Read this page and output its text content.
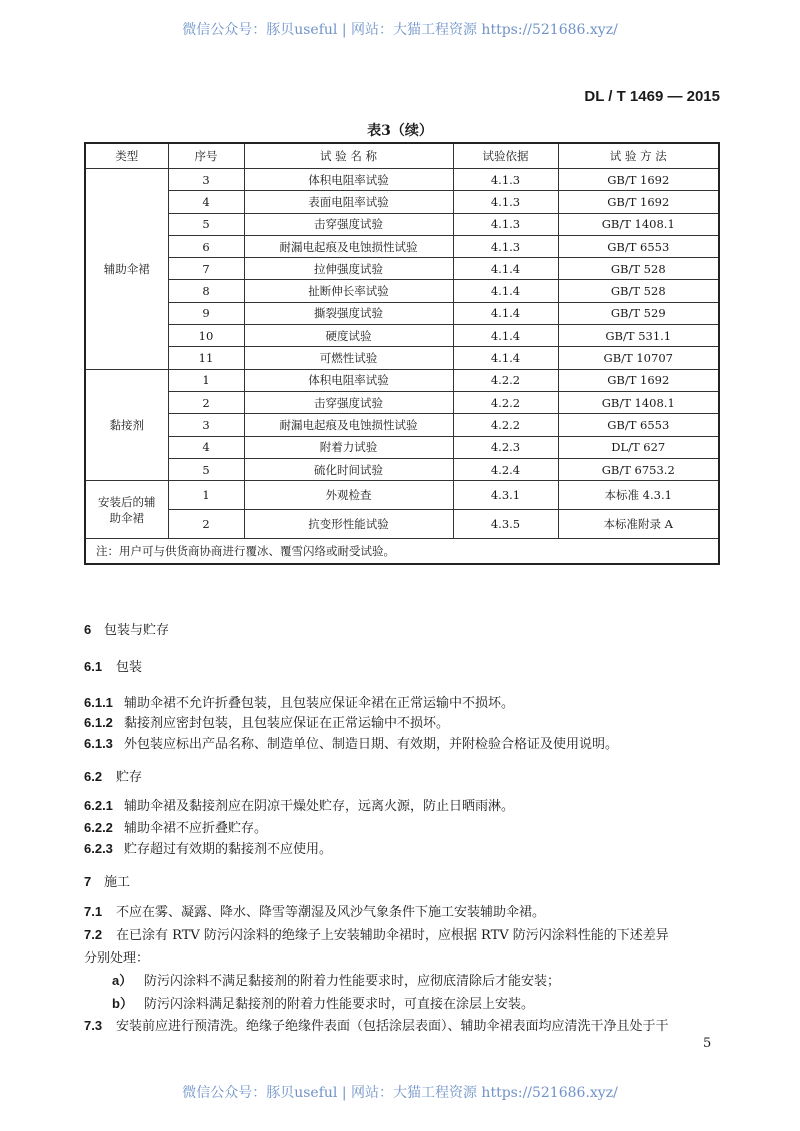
微信公众号：豚贝useful | 网站：大猫工程资源 https://521686.xyz/
DL / T 1469 — 2015
表3（续）
类型	序号	试 验 名 称	试验依据	试 验 方 法
辅助伞裙	3	体积电阻率试验	4.1.3	GB/T 1692
	4	表面电阻率试验	4.1.3	GB/T 1692
	5	击穿强度试验	4.1.3	GB/T 1408.1
	6	耐漏电起痕及电蚀损性试验	4.1.3	GB/T 6553
	7	拉伸强度试验	4.1.4	GB/T 528
	8	扯断伸长率试验	4.1.4	GB/T 528
	9	撕裂强度试验	4.1.4	GB/T 529
	10	硬度试验	4.1.4	GB/T 531.1
	11	可燃性试验	4.1.4	GB/T 10707
黏接剂	1	体积电阻率试验	4.2.2	GB/T 1692
	2	击穿强度试验	4.2.2	GB/T 1408.1
	3	耐漏电起痕及电蚀损性试验	4.2.2	GB/T 6553
	4	附着力试验	4.2.3	DL/T 627
	5	硫化时间试验	4.2.4	GB/T 6753.2
安装后的辅助伞裙	1	外观检查	4.3.1	本标准 4.3.1
	2	抗变形性能试验	4.3.5	本标准附录 A
注：用户可与供货商协商进行覆冰、覆雪闪络或耐受试验。				
6 包装与贮存
6.1 包装
6.1.1 辅助伞裙不允许折叠包装，且包装应保证伞裙在正常运输中不损坏。
6.1.2 黏接剂应密封包装，且包装应保证在正常运输中不损坏。
6.1.3 外包装应标出产品名称、制造单位、制造日期、有效期，并附检验合格证及使用说明。
6.2 贮存
6.2.1 辅助伞裙及黏接剂应在阴凉干燥处贮存，远离火源，防止日晒雨淋。
6.2.2 辅助伞裙不应折叠贮存。
6.2.3 贮存超过有效期的黏接剂不应使用。
7 施工
7.1 不应在雾、凝露、降水、降雪等潮湿及风沙气象条件下施工安装辅助伞裙。
7.2 在已涂有 RTV 防污闪涂料的绝缘子上安装辅助伞裙时，应根据 RTV 防污闪涂料性能的下述差异
分别处理：
a） 防污闪涂料不满足黏接剂的附着力性能要求时，应彻底清除后才能安装；
b） 防污闪涂料满足黏接剂的附着力性能要求时，可直接在涂层上安装。
7.3 安装前应进行预清洗。绝缘子绝缘件表面（包括涂层表面）、辅助伞裙表面均应清洗干净且处于干
5
微信公众号：豚贝useful | 网站：大猫工程资源 https://521686.xyz/
